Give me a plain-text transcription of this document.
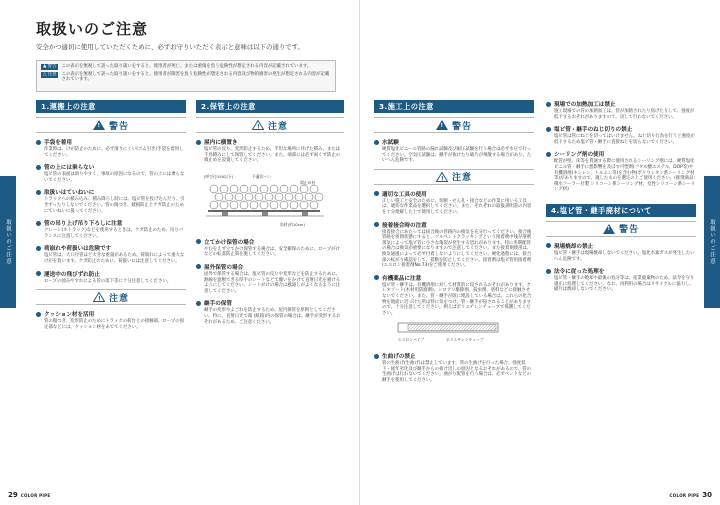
取扱いのご注意
安全かつ適切に使用していただくために、必ずお守りいただく表示と意味は以下の通りです。
▲ 警告 この表示を無視して誤った取り扱いをすると、使用者が死亡、または重傷を負う危険性が想定される内容が記載されています。
△ 注意 この表示を無視して誤った取り扱いをすると、使用者が障害を負う危険性が想定される内容及び物的損害の発生が想定される内容が記載されています。
1.運搬上の注意
! 警告
手袋を着用
作業時は、けが防止のために、必ず滑りにくい(ゴム引き)手袋を着用してください。
管の上には乗らない
塩ビ管の表面は滑りやすく、事故の原因になるので、管の上には乗らないでください。
取扱いはていねいに
トラックへの積み込み、積み降ろし時には、塩ビ管を投げ込んだり、引きずったりしないでください。管の傷つき、破損防止とケガ防止のためにていねいに扱ってください。
管の吊り上げ吊り下ろしに注意
クレーン(ホトラック)などを使用するときは、ケガ防止のため、吊りバランスに注意してください。
荷崩れや荷扱いは危険です
塩ビ管は、大口径管ほど大きな重量があるため、荷崩れによって重大なけがを負います。ケガ防止のために、荷扱いには注意してください。
運送中の飛びずれ防止
ロープの弛みやすれによる管の落下等に十分注意してください。
! 注意
クッション材を活用
管の傷つき、変形防止のためにトラックの荷台との接触部、ロープの固定部などには、クッション材をあててください。
2.保管上の注意
! 注意
屋内に横置き
塩ビ管の反り、変形防止するため、平坦な場所に井げた積み、または千鳥積みにして保管してください。また、端部には必ず両くず防止の端止めを設置してください。
(呼び径150以下)	不適切ーい
間止め材
角材(約10cm)
立てかけ保管の場合
やむをえず立てかけ保管する場合は、安全確保のために、ロープがけなどの転落防止策を施してください。
屋外保管の場合
屋外で保管する場合は、塩ビ管の反りや変形などを防止するために、熱線を遮断できる厚手のシートなどで覆いをかけて直射日光を避けるようにしてください。シートがけの場合は風通しがよくなるように注意してください。
継手の保管
継手の変形やよごれを防止するため、屋内保管を原則としてください。特に、直射日光で箱 (紙箱)内の保管の場合は、継手が変形するおそれがあるため、ご注意ください。
取扱いのご注意
29 COLOR PIPE
3.施工上の注意
! 警告
水試験
硬質塩化ビニール管路の漏れ試験及び耐圧試験を行う場合は必ず水圧で行ってください。空気圧試験は、継手が抜けたり破片が飛散する場合があり、たいへん危険です。
! 注意
適切な工具の使用
正しい施工と安全のために、切断・せん孔・接合などの作業に用いる工具は、適切な作業品を選択してください。また、それぞれの取扱説明書の内容を十分理解した上で使用してください。
接着接合時の注意
接着接合にあたっては接合後の管路内の換気を充分行ってください。接合後管路を密閉状態にすると、ソルベントクラッキングという接着剤中残存溶剤蒸気によって塩ビ管に小さな亀裂が発生する恐れがあります。特に冬期配管の場合は換気が重要になりますので注意してください。また接着剤使用は、換気通風によって必ず付着しないようにしてください。硬化過程には、接合部の転がり確認をして、揺動を防止してください。接着剤は塩ビ管用接着剤(エスロン接着剤No.73)をご使用ください。
有機薬品に注意
塩ビ管・継手は、有機溶剤に対して材質的に侵されるおそれがあります。クレオソート(木材用防腐剤)、シロアリ駆除剤、殺虫剤、塗料などに接触させないでください。また、管・継手が既に埋設している場合は、これらの化合物を地面に近づけた所は特に気をつけ、管・継手が侵されることがありますので、十分注意してください。例えばポリエチレンチューブで保護してください。
エスロンパイプ	ポリエチレンチューブ
生曲げの禁止
管の生曲げ(生曲げ)は禁止しています。管の生曲げを行った場合、強度低下・経年劣化及び継手からの抜け出しの原因となるおそれがあるので、管の生曲げは行わないでください。曲がり配管を行う場合は、必ずベンドなどの継手を使用してください。
現場での加熱加工は禁止
施工現場での管の加熱加工は、管が加熱されたり焦げたりして、強度が低下するおそれがありますので、決して行わないでください。
塩ビ管・継手のねじ切りの禁止
塩ビ管は管にねじを切ってはいけません。ねじ切り行為を行うと強度が低下するため塩ビ管・継手に直接ねじを切らないでください。
シーリング剤の使用
配管が壁、床等を貫通する際に使用されるシーリング剤には、硬質塩化ビニル管・継手に悪影響を及ぼす可塑剤(フタル酸エステル、DOP等)や有機溶剤(キシレン、トルエン等)を含む物(ポリウレタン系シーリング材等)がありますので、適したものを選定の上ご使用ください。(推奨商品:積水フーラー社製 シリコーン系シーリング材、変性シリコーン系シーリング材)
4.塩ビ管・継手廃材について
! 警告
現場焼却の禁止
塩ビ管・継手は現場焼却しないでください。塩化水素ガスが発生したいへん危険です。
法令に従った処理を
塩ビ管・継手の焼却や最後の処分等は、産業廃棄物のため、法令を守り適正に処理してください。なお、再利用の場合はリサイクルに協力し、破片は焼却しないでください。
取扱いのご注意
COLOR PIPE 30
